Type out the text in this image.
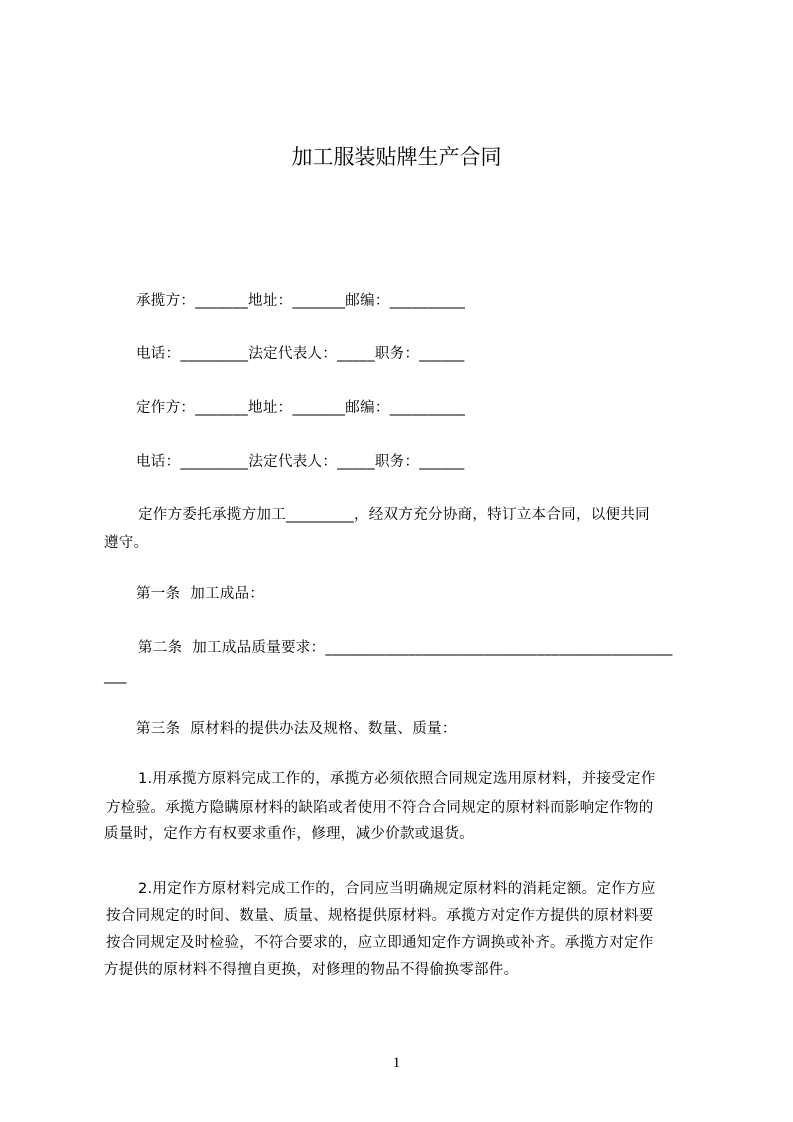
加工服装贴牌生产合同
承揽方：_______地址：_______邮编：__________
电话：_________法定代表人：_____职务：______
定作方：_______地址：_______邮编：__________
电话：_________法定代表人：_____职务：______
定作方委托承揽方加工_________，经双方充分协商，特订立本合同，以便共同
遵守。
第一条  加工成品：
第二条  加工成品质量要求：______________________________________________
___
第三条  原材料的提供办法及规格、数量、质量：
1.用承揽方原料完成工作的，承揽方必须依照合同规定选用原材料，并接受定作
方检验。承揽方隐瞒原材料的缺陷或者使用不符合合同规定的原材料而影响定作物的
质量时，定作方有权要求重作，修理，减少价款或退货。
2.用定作方原材料完成工作的，合同应当明确规定原材料的消耗定额。定作方应
按合同规定的时间、数量、质量、规格提供原材料。承揽方对定作方提供的原材料要
按合同规定及时检验，不符合要求的，应立即通知定作方调换或补齐。承揽方对定作
方提供的原材料不得擅自更换，对修理的物品不得偷换零部件。
1
